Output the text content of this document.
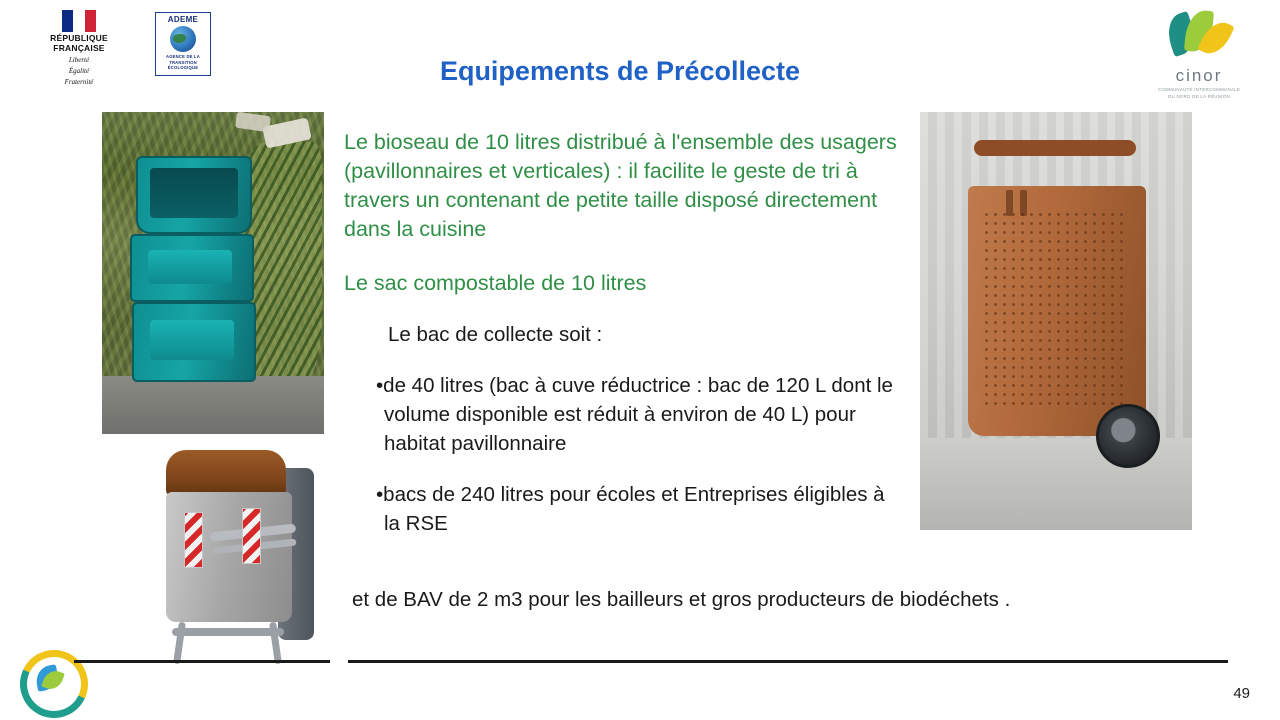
RÉPUBLIQUE
FRANÇAISE
Liberté
Égalité
Fraternité
ADEME
AGENCE DE LA
TRANSITION
ÉCOLOGIQUE	cinor
COMMUNAUTÉ INTERCOMMUNALE
DU NORD DE LA RÉUNION
Equipements de Précollecte

Le bioseau de 10 litres distribué à l'ensemble des usagers (pavillonnaires et verticales) : il facilite le geste de tri à travers un contenant de petite taille disposé directement dans la cuisine

Le sac compostable de 10 litres

Le bac de collecte soit :

•de 40 litres (bac à cuve réductrice : bac de 120 L dont le volume disponible est réduit à environ de 40 L) pour habitat pavillonnaire

•bacs de 240 litres pour écoles et Entreprises éligibles à la RSE

et de BAV de 2 m3 pour les bailleurs et gros producteurs de biodéchets .
49
